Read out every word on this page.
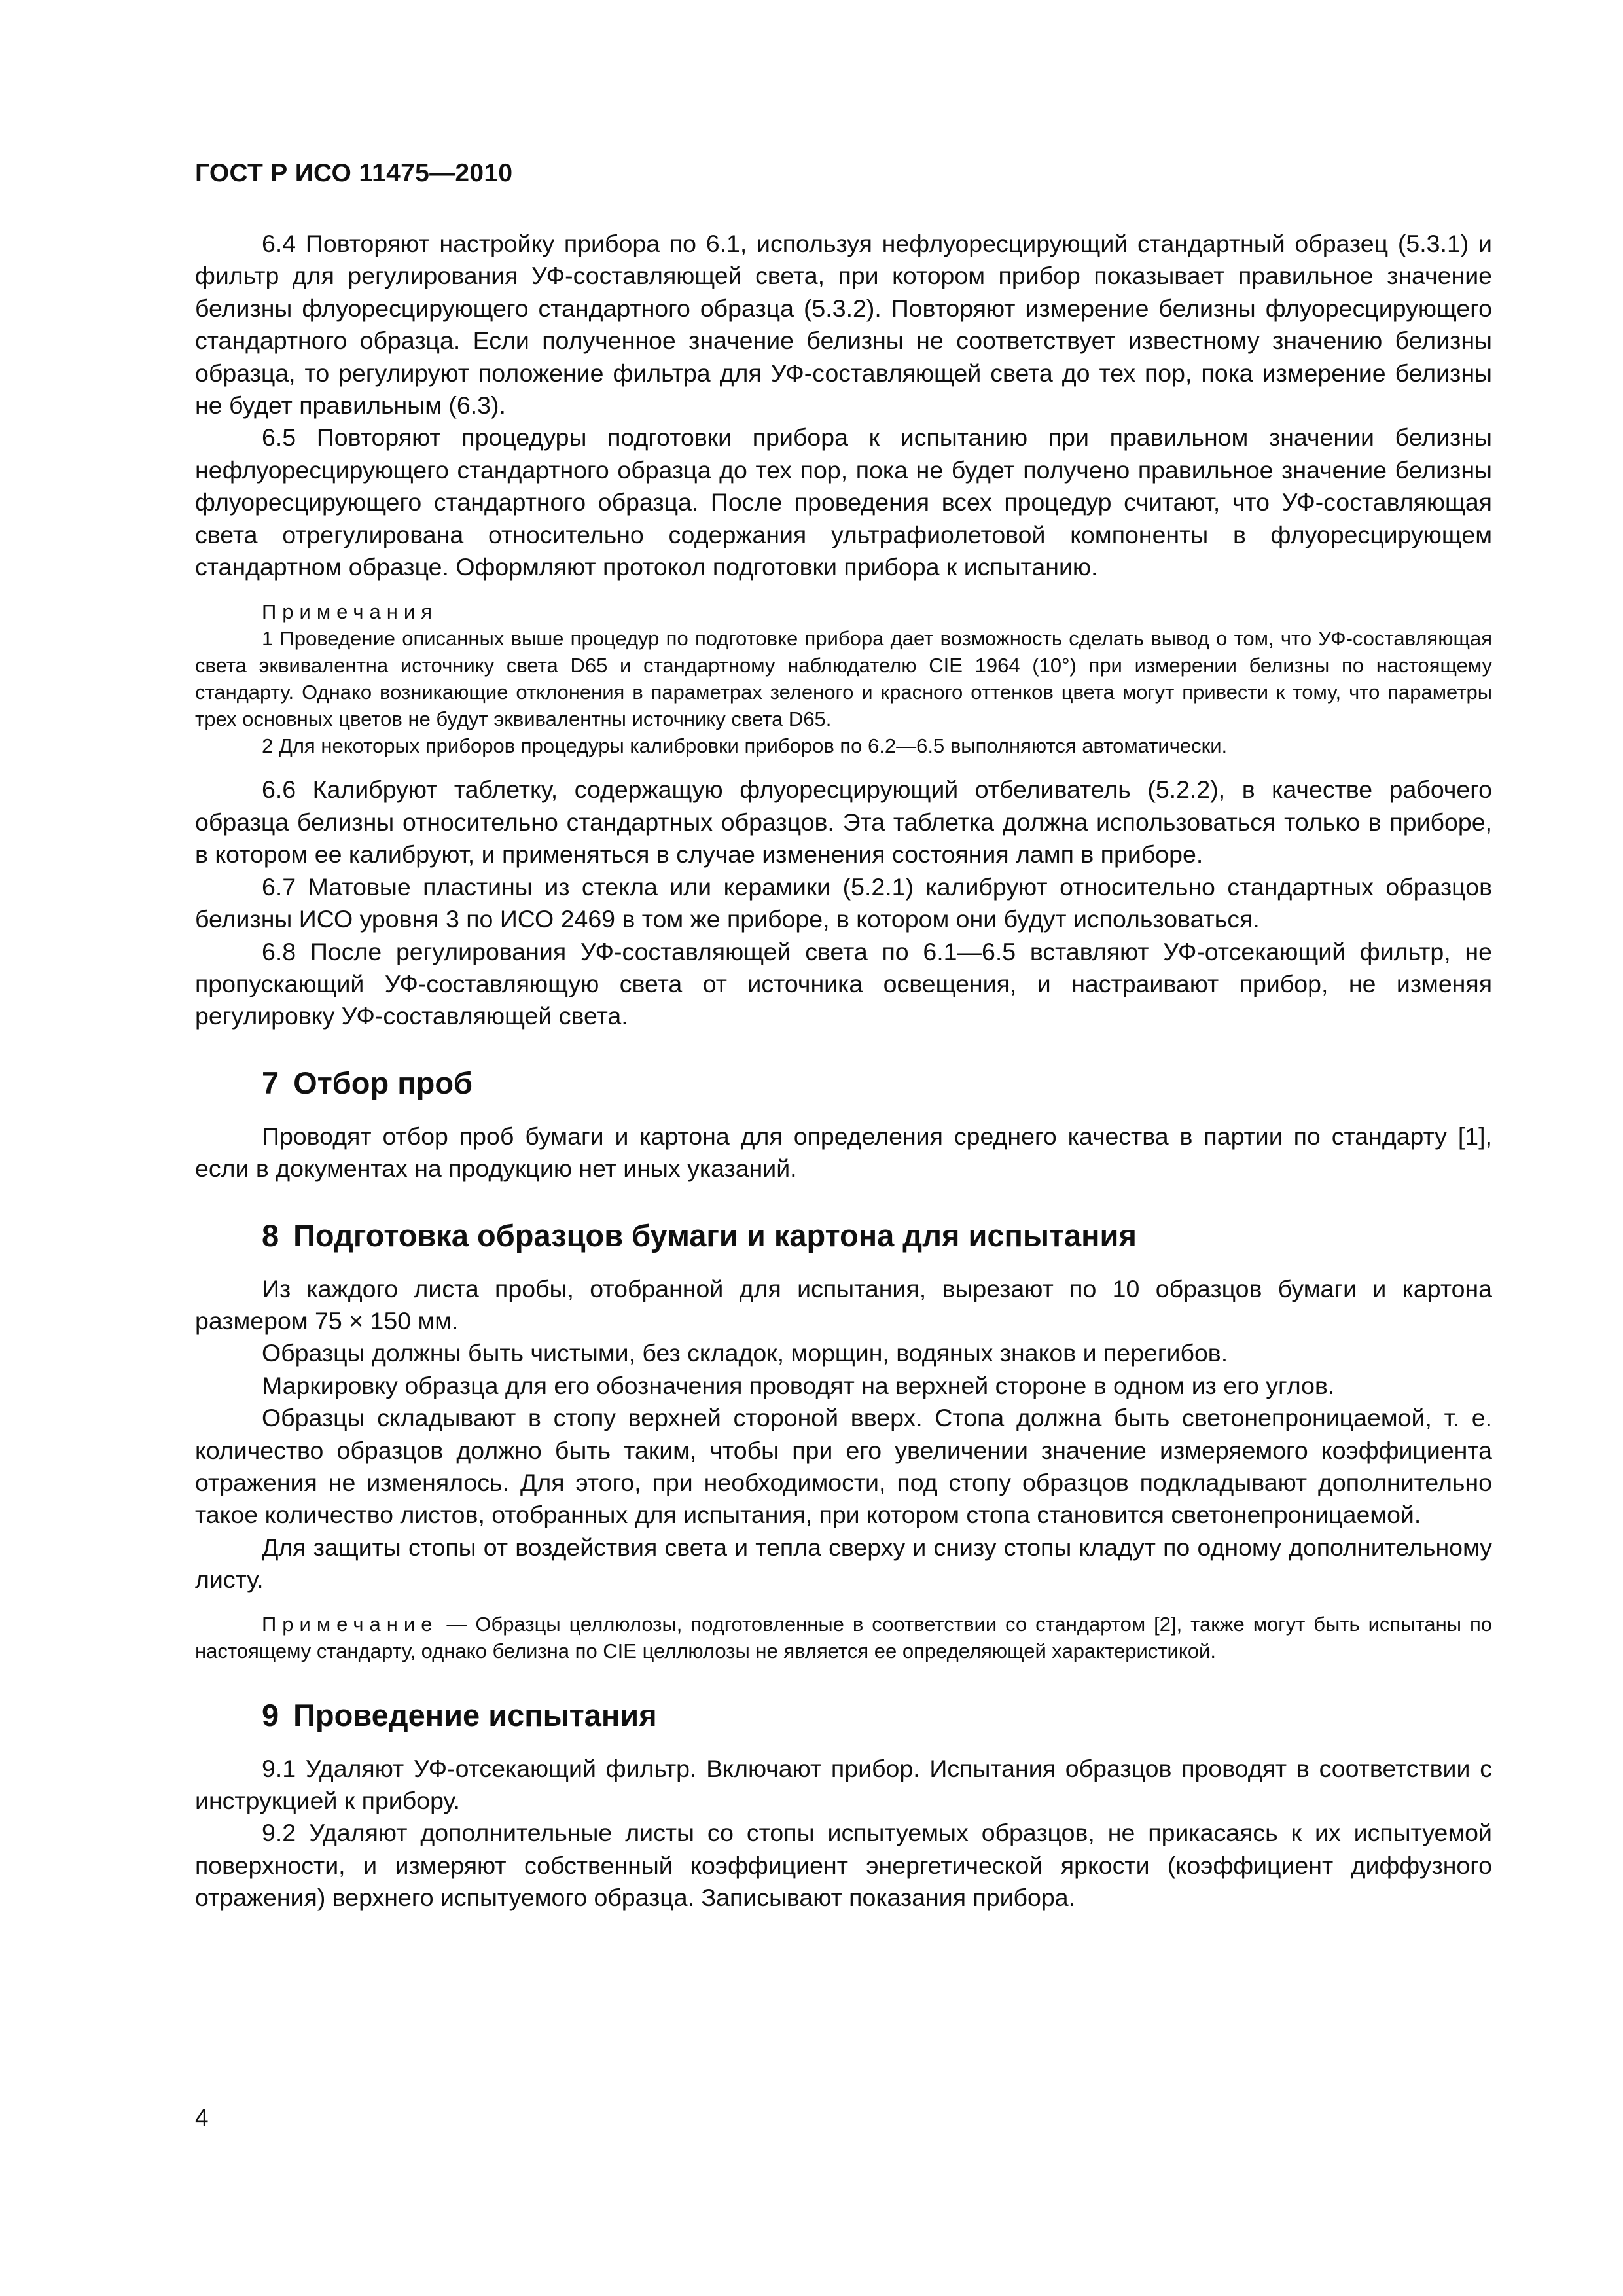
ГОСТ Р ИСО 11475—2010

6.4 Повторяют настройку прибора по 6.1, используя нефлуоресцирующий стандартный образец (5.3.1) и фильтр для регулирования УФ-составляющей света, при котором прибор показывает правильное значение белизны флуоресцирующего стандартного образца (5.3.2). Повторяют измерение белизны флуоресцирующего стандартного образца. Если полученное значение белизны не соответствует известному значению белизны образца, то регулируют положение фильтра для УФ-составляющей света до тех пор, пока измерение белизны не будет правильным (6.3).

6.5 Повторяют процедуры подготовки прибора к испытанию при правильном значении белизны нефлуоресцирующего стандартного образца до тех пор, пока не будет получено правильное значение белизны флуоресцирующего стандартного образца. После проведения всех процедур считают, что УФ-составляющая света отрегулирована относительно содержания ультрафиолетовой компоненты в флуоресцирующем стандартном образце. Оформляют протокол подготовки прибора к испытанию.

Примечания

1 Проведение описанных выше процедур по подготовке прибора дает возможность сделать вывод о том, что УФ-составляющая света эквивалентна источнику света D65 и стандартному наблюдателю CIE 1964 (10°) при измерении белизны по настоящему стандарту. Однако возникающие отклонения в параметрах зеленого и красного оттенков цвета могут привести к тому, что параметры трех основных цветов не будут эквивалентны источнику света D65.

2 Для некоторых приборов процедуры калибровки приборов по 6.2—6.5 выполняются автоматически.

6.6 Калибруют таблетку, содержащую флуоресцирующий отбеливатель (5.2.2), в качестве рабочего образца белизны относительно стандартных образцов. Эта таблетка должна использоваться только в приборе, в котором ее калибруют, и применяться в случае изменения состояния ламп в приборе.

6.7 Матовые пластины из стекла или керамики (5.2.1) калибруют относительно стандартных образцов белизны ИСО уровня 3 по ИСО 2469 в том же приборе, в котором они будут использоваться.

6.8 После регулирования УФ-составляющей света по 6.1—6.5 вставляют УФ-отсекающий фильтр, не пропускающий УФ-составляющую света от источника освещения, и настраивают прибор, не изменяя регулировку УФ-составляющей света.

7 Отбор проб

Проводят отбор проб бумаги и картона для определения среднего качества в партии по стандарту [1], если в документах на продукцию нет иных указаний.

8 Подготовка образцов бумаги и картона для испытания

Из каждого листа пробы, отобранной для испытания, вырезают по 10 образцов бумаги и картона размером 75 × 150 мм.

Образцы должны быть чистыми, без складок, морщин, водяных знаков и перегибов.

Маркировку образца для его обозначения проводят на верхней стороне в одном из его углов.

Образцы складывают в стопу верхней стороной вверх. Стопа должна быть светонепроницаемой, т. е. количество образцов должно быть таким, чтобы при его увеличении значение измеряемого коэффициента отражения не изменялось. Для этого, при необходимости, под стопу образцов подкладывают дополнительно такое количество листов, отобранных для испытания, при котором стопа становится светонепроницаемой.

Для защиты стопы от воздействия света и тепла сверху и снизу стопы кладут по одному дополнительному листу.

Примечание — Образцы целлюлозы, подготовленные в соответствии со стандартом [2], также могут быть испытаны по настоящему стандарту, однако белизна по CIE целлюлозы не является ее определяющей характеристикой.

9 Проведение испытания

9.1 Удаляют УФ-отсекающий фильтр. Включают прибор. Испытания образцов проводят в соответствии с инструкцией к прибору.

9.2 Удаляют дополнительные листы со стопы испытуемых образцов, не прикасаясь к их испытуемой поверхности, и измеряют собственный коэффициент энергетической яркости (коэффициент диффузного отражения) верхнего испытуемого образца. Записывают показания прибора.

4
